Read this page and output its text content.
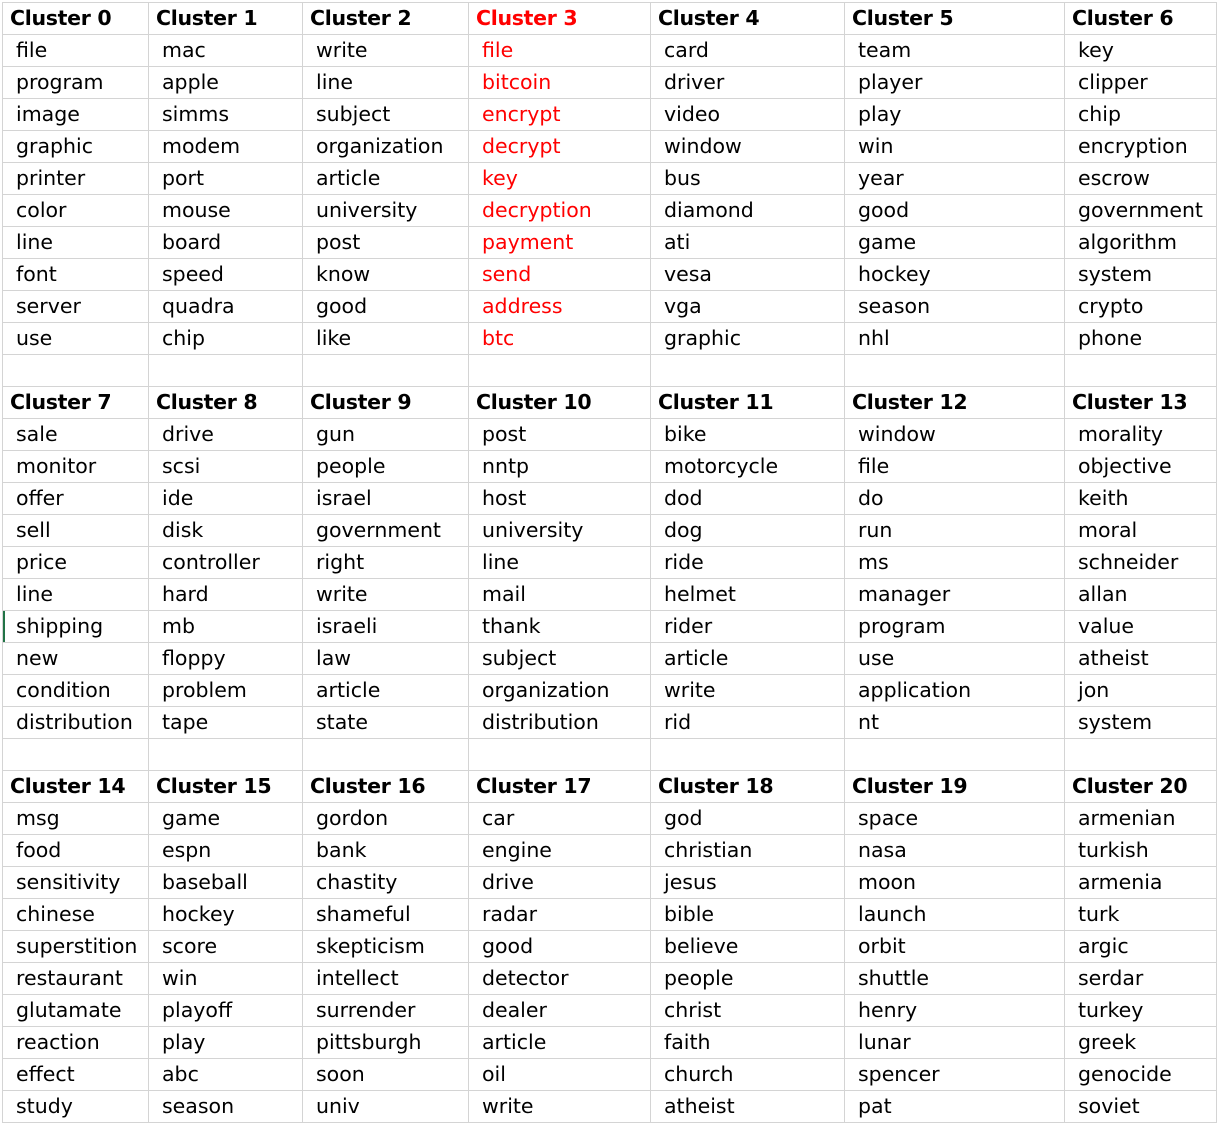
Cluster 0	Cluster 1	Cluster 2	Cluster 3	Cluster 4	Cluster 5	Cluster 6
file	mac	write	file	card	team	key
program	apple	line	bitcoin	driver	player	clipper
image	simms	subject	encrypt	video	play	chip
graphic	modem	organization	decrypt	window	win	encryption
printer	port	article	key	bus	year	escrow
color	mouse	university	decryption	diamond	good	government
line	board	post	payment	ati	game	algorithm
font	speed	know	send	vesa	hockey	system
server	quadra	good	address	vga	season	crypto
use	chip	like	btc	graphic	nhl	phone
Cluster 7	Cluster 8	Cluster 9	Cluster 10	Cluster 11	Cluster 12	Cluster 13
sale	drive	gun	post	bike	window	morality
monitor	scsi	people	nntp	motorcycle	file	objective
offer	ide	israel	host	dod	do	keith
sell	disk	government	university	dog	run	moral
price	controller	right	line	ride	ms	schneider
line	hard	write	mail	helmet	manager	allan
shipping	mb	israeli	thank	rider	program	value
new	floppy	law	subject	article	use	atheist
condition	problem	article	organization	write	application	jon
distribution	tape	state	distribution	rid	nt	system
Cluster 14	Cluster 15	Cluster 16	Cluster 17	Cluster 18	Cluster 19	Cluster 20
msg	game	gordon	car	god	space	armenian
food	espn	bank	engine	christian	nasa	turkish
sensitivity	baseball	chastity	drive	jesus	moon	armenia
chinese	hockey	shameful	radar	bible	launch	turk
superstition	score	skepticism	good	believe	orbit	argic
restaurant	win	intellect	detector	people	shuttle	serdar
glutamate	playoff	surrender	dealer	christ	henry	turkey
reaction	play	pittsburgh	article	faith	lunar	greek
effect	abc	soon	oil	church	spencer	genocide
study	season	univ	write	atheist	pat	soviet
